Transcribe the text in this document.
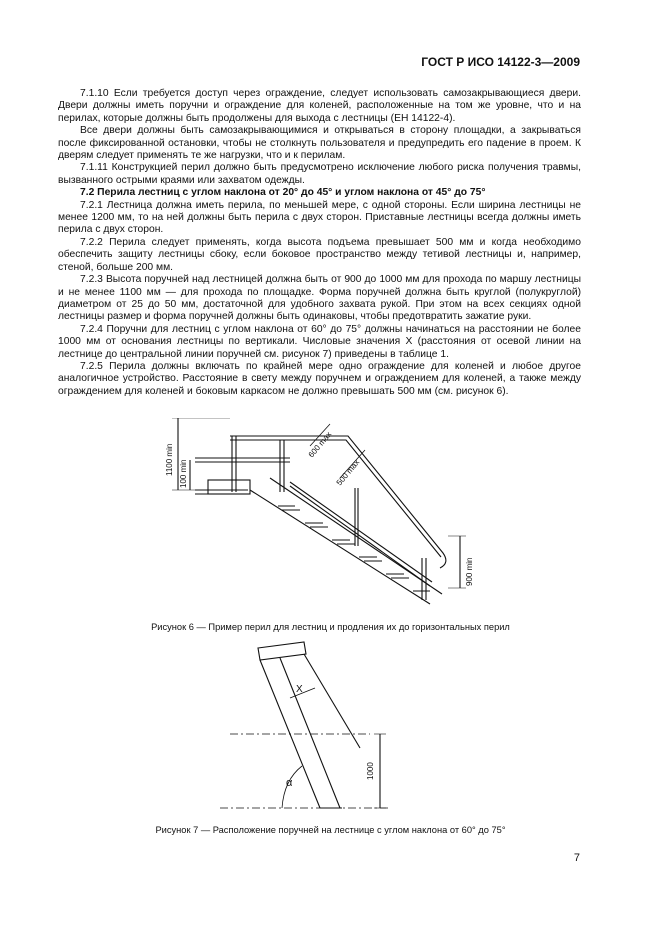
ГОСТ Р ИСО 14122-3—2009

7.1.10 Если требуется доступ через ограждение, следует использовать самозакрывающиеся двери. Двери должны иметь поручни и ограждение для коленей, расположенные на том же уровне, что и на перилах, которые должны быть продолжены для выхода с лестницы (ЕН 14122-4).

Все двери должны быть самозакрывающимися и открываться в сторону площадки, а закрываться после фиксированной остановки, чтобы не столкнуть пользователя и предупредить его падение в проем. К дверям следует применять те же нагрузки, что и к перилам.

7.1.11 Конструкцией перил должно быть предусмотрено исключение любого риска получения травмы, вызванного острыми краями или захватом одежды.

7.2 Перила лестниц с углом наклона от 20° до 45° и углом наклона от 45° до 75°

7.2.1 Лестница должна иметь перила, по меньшей мере, с одной стороны. Если ширина лестницы не менее 1200 мм, то на ней должны быть перила с двух сторон. Приставные лестницы всегда должны иметь перила с двух сторон.

7.2.2 Перила следует применять, когда высота подъема превышает 500 мм и когда необходимо обеспечить защиту лестницы сбоку, если боковое пространство между тетивой лестницы и, например, стеной, больше 200 мм.

7.2.3 Высота поручней над лестницей должна быть от 900 до 1000 мм для прохода по маршу лестницы и не менее 1100 мм — для прохода по площадке. Форма поручней должна быть круглой (полукруглой) диаметром от 25 до 50 мм, достаточной для удобного захвата рукой. При этом на всех секциях одной лестницы размер и форма поручней должны быть одинаковы, чтобы предотвратить зажатие руки.

7.2.4 Поручни для лестниц с углом наклона от 60° до 75° должны начинаться на расстоянии не более 1000 мм от основания лестницы по вертикали. Числовые значения X (расстояния от осевой линии на лестнице до центральной линии поручней см. рисунок 7) приведены в таблице 1.

7.2.5 Перила должны включать по крайней мере одно ограждение для коленей и любое другое аналогичное устройство. Расстояние в свету между поручнем и ограждением для коленей, а также между ограждением для коленей и боковым каркасом не должно превышать 500 мм (см. рисунок 6).

1100 min 100 min
600 max
500 max
900 min
Рисунок 6 — Пример перил для лестниц и продления их до горизонтальных перил
X
α
1000
Рисунок 7 — Расположение поручней на лестнице с углом наклона от 60° до 75°
7
